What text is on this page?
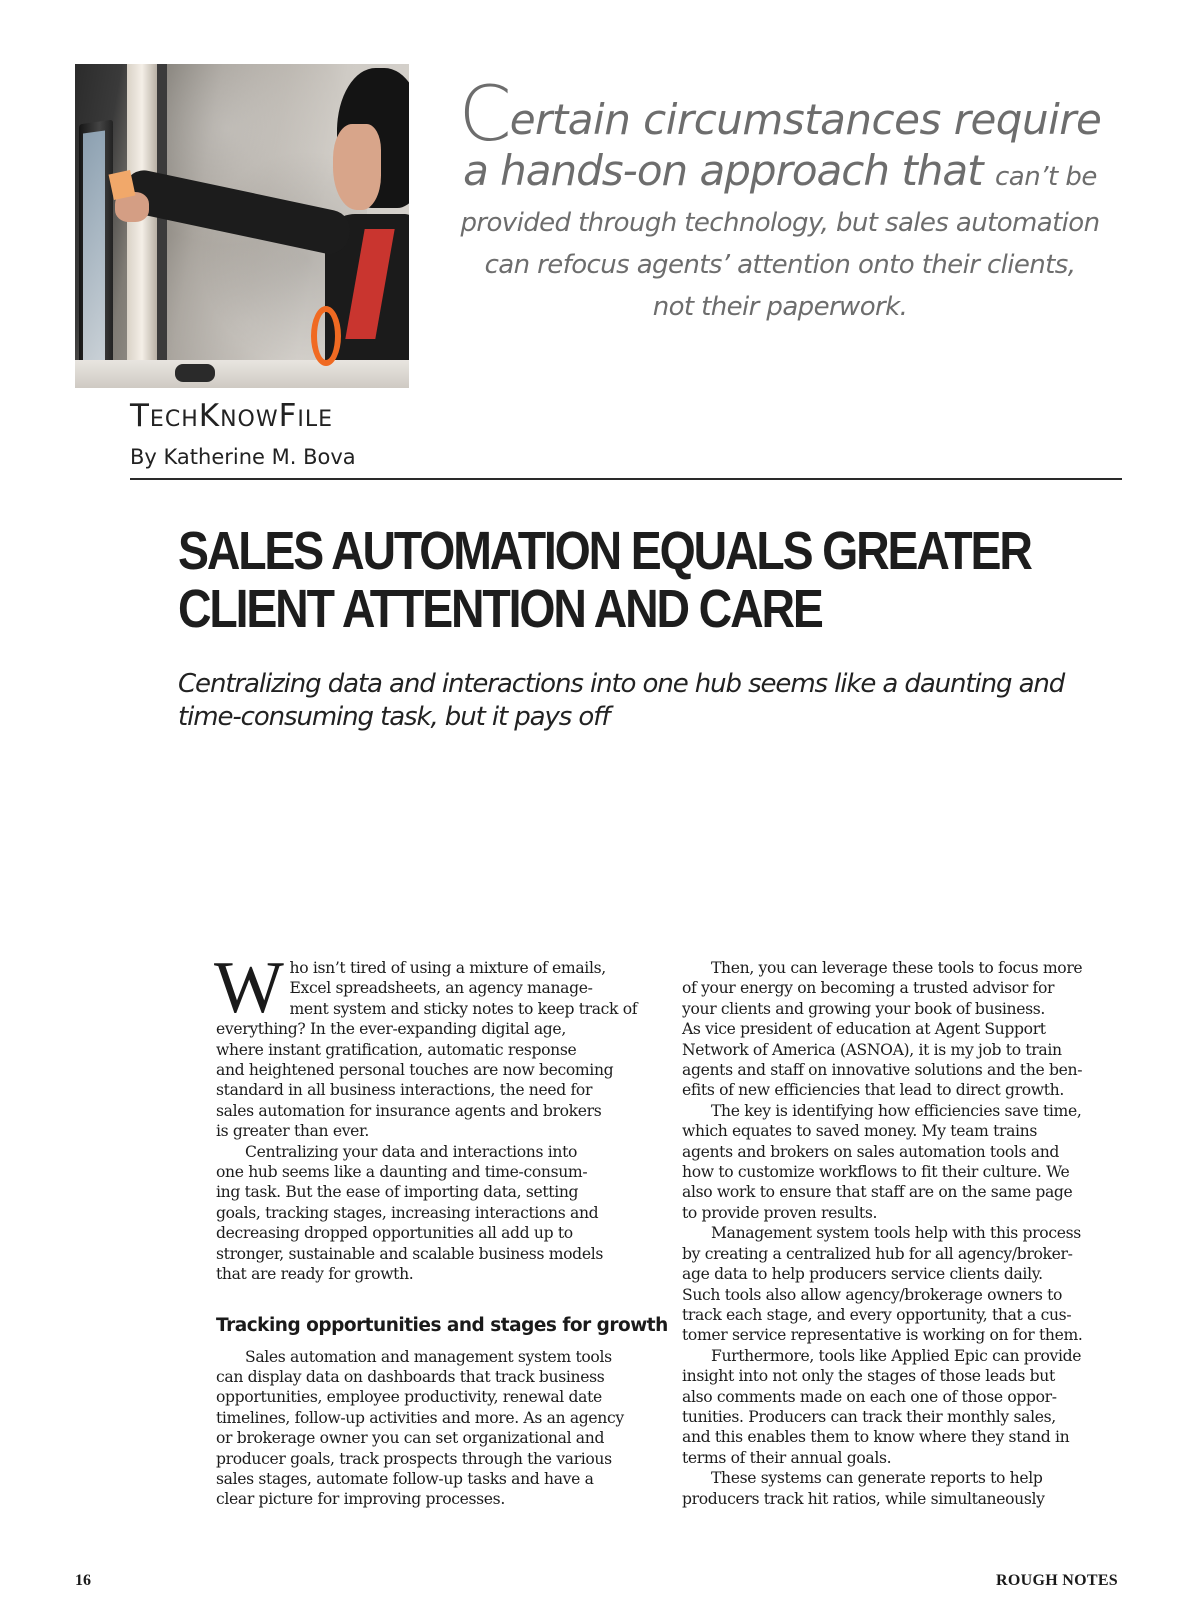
Certain circumstances require
a hands-on approach that can’t be
provided through technology, but sales automation
can refocus agents’ attention onto their clients,
not their paperwork.
TechKnowFile
By Katherine M. Bova
SALES AUTOMATION EQUALS GREATER
CLIENT ATTENTION AND CARE
Centralizing data and interactions into one hub seems like a daunting and
time-consuming task, but it pays off

W ho isn’t tired of using a mixture of emails,
Excel spreadsheets, an agency manage-
ment system and sticky notes to keep track of
everything? In the ever-expanding digital age,
where instant gratification, automatic response
and heightened personal touches are now becoming
standard in all business interactions, the need for
sales automation for insurance agents and brokers
is greater than ever.

Centralizing your data and interactions into
one hub seems like a daunting and time-consum-
ing task. But the ease of importing data, setting
goals, tracking stages, increasing interactions and
decreasing dropped opportunities all add up to
stronger, sustainable and scalable business models
that are ready for growth.

Tracking opportunities and stages for growth

Sales automation and management system tools
can display data on dashboards that track business
opportunities, employee productivity, renewal date
timelines, follow-up activities and more. As an agency
or brokerage owner you can set organizational and
producer goals, track prospects through the various
sales stages, automate follow-up tasks and have a
clear picture for improving processes.

Then, you can leverage these tools to focus more
of your energy on becoming a trusted advisor for
your clients and growing your book of business.
As vice president of education at Agent Support
Network of America (ASNOA), it is my job to train
agents and staff on innovative solutions and the ben-
efits of new efficiencies that lead to direct growth.

The key is identifying how efficiencies save time,
which equates to saved money. My team trains
agents and brokers on sales automation tools and
how to customize workflows to fit their culture. We
also work to ensure that staff are on the same page
to provide proven results.

Management system tools help with this process
by creating a centralized hub for all agency/broker-
age data to help producers service clients daily.
Such tools also allow agency/brokerage owners to
track each stage, and every opportunity, that a cus-
tomer service representative is working on for them.

Furthermore, tools like Applied Epic can provide
insight into not only the stages of those leads but
also comments made on each one of those oppor-
tunities. Producers can track their monthly sales,
and this enables them to know where they stand in
terms of their annual goals.

These systems can generate reports to help
producers track hit ratios, while simultaneously

16	ROUGH NOTES
